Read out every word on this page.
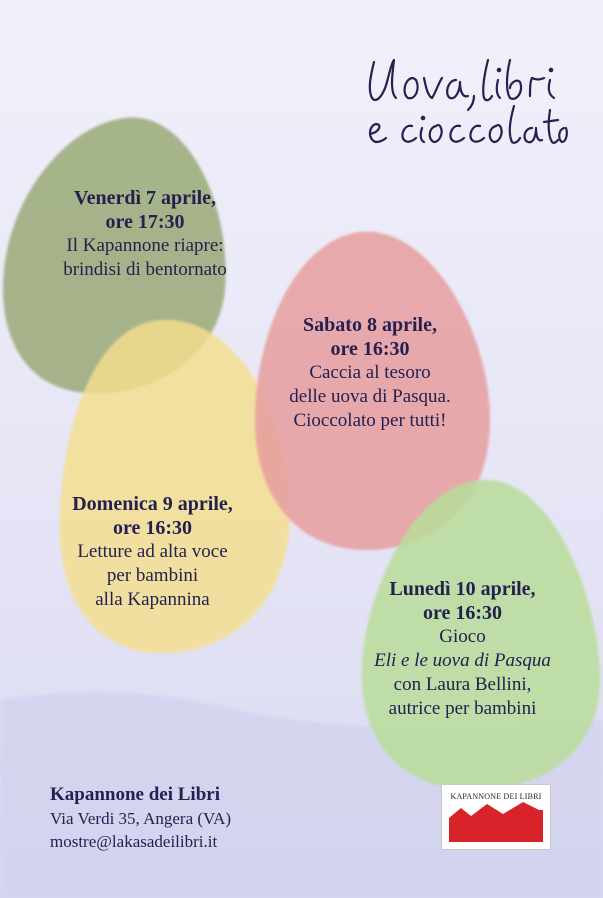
Venerdì 7 aprile,
ore 17:30
Il Kapannone riapre:
brindisi di bentornato
Sabato 8 aprile,
ore 16:30
Caccia al tesoro
delle uova di Pasqua.
Cioccolato per tutti!
Domenica 9 aprile,
ore 16:30
Letture ad alta voce
per bambini
alla Kapannina	Lunedì 10 aprile,
ore 16:30
Gioco
Eli e le uova di Pasqua
con Laura Bellini,
autrice per bambini
Kapannone dei Libri
Via Verdi 35, Angera (VA)
mostre@lakasadeilibri.it
KAPANNONE DEI LIBRI
